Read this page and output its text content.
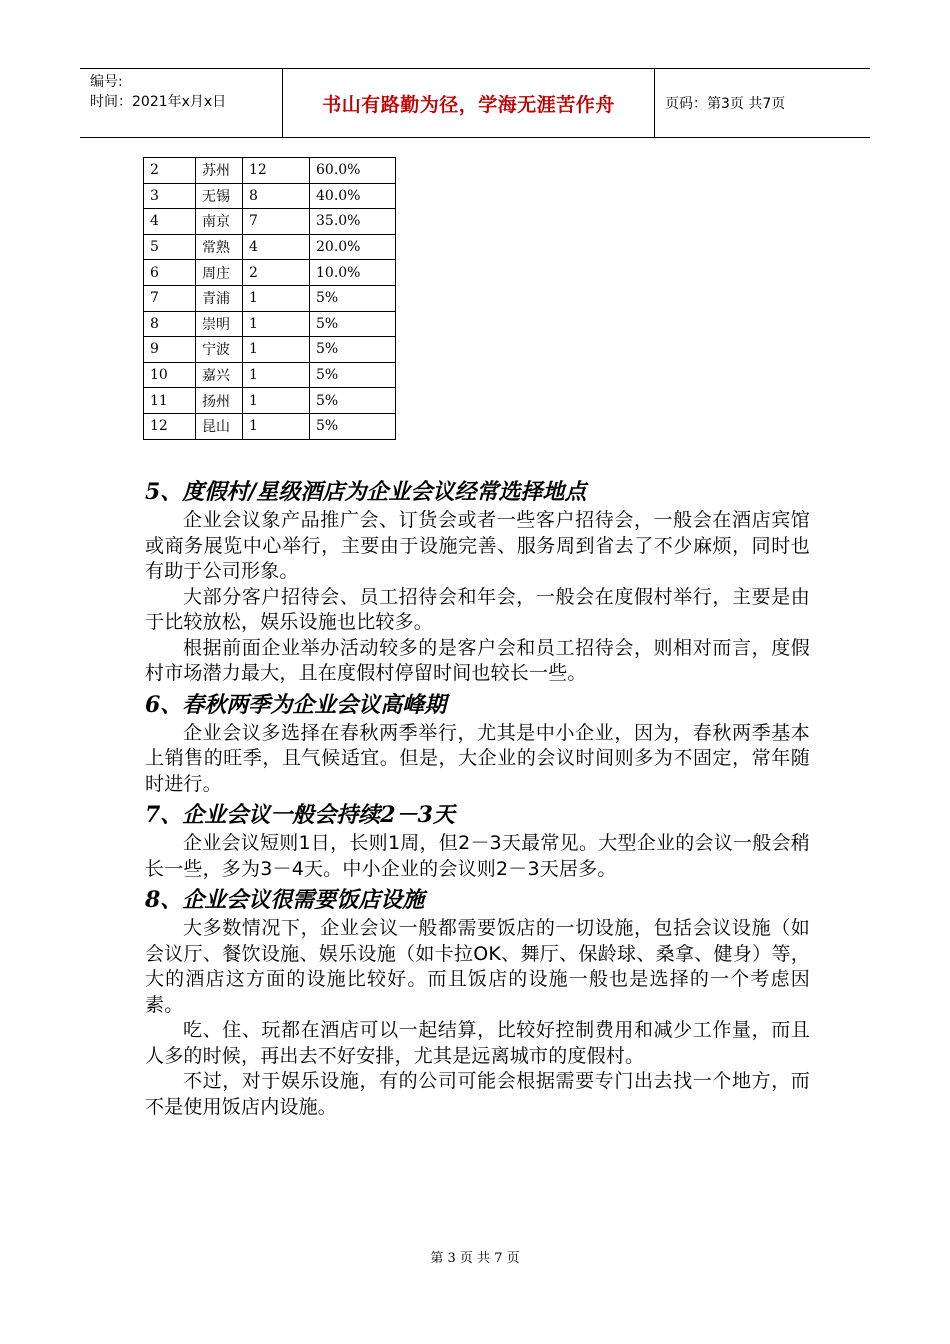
编号:
时间：2021年x月x日	书山有路勤为径，学海无涯苦作舟	页码：第3页 共7页
2	苏州	12	60.0%
3	无锡	8	40.0%
4	南京	7	35.0%
5	常熟	4	20.0%
6	周庄	2	10.0%
7	青浦	1	5%
8	崇明	1	5%
9	宁波	1	5%
10	嘉兴	1	5%
11	扬州	1	5%
12	昆山	1	5%
5、度假村/星级酒店为企业会议经常选择地点

企业会议象产品推广会、订货会或者一些客户招待会，一般会在酒店宾馆或商务展览中心举行，主要由于设施完善、服务周到省去了不少麻烦，同时也有助于公司形象。

大部分客户招待会、员工招待会和年会，一般会在度假村举行，主要是由于比较放松，娱乐设施也比较多。

根据前面企业举办活动较多的是客户会和员工招待会，则相对而言，度假村市场潜力最大，且在度假村停留时间也较长一些。

6、春秋两季为企业会议高峰期

企业会议多选择在春秋两季举行，尤其是中小企业，因为，春秋两季基本上销售的旺季，且气候适宜。但是，大企业的会议时间则多为不固定，常年随时进行。

7、企业会议一般会持续2－3天

企业会议短则1日，长则1周，但2－3天最常见。大型企业的会议一般会稍长一些，多为3－4天。中小企业的会议则2－3天居多。

8、企业会议很需要饭店设施

大多数情况下，企业会议一般都需要饭店的一切设施，包括会议设施（如会议厅、餐饮设施、娱乐设施（如卡拉OK、舞厅、保龄球、桑拿、健身）等，大的酒店这方面的设施比较好。而且饭店的设施一般也是选择的一个考虑因素。

吃、住、玩都在酒店可以一起结算，比较好控制费用和减少工作量，而且人多的时候，再出去不好安排，尤其是远离城市的度假村。

不过，对于娱乐设施，有的公司可能会根据需要专门出去找一个地方，而不是使用饭店内设施。

第 3 页 共 7 页
